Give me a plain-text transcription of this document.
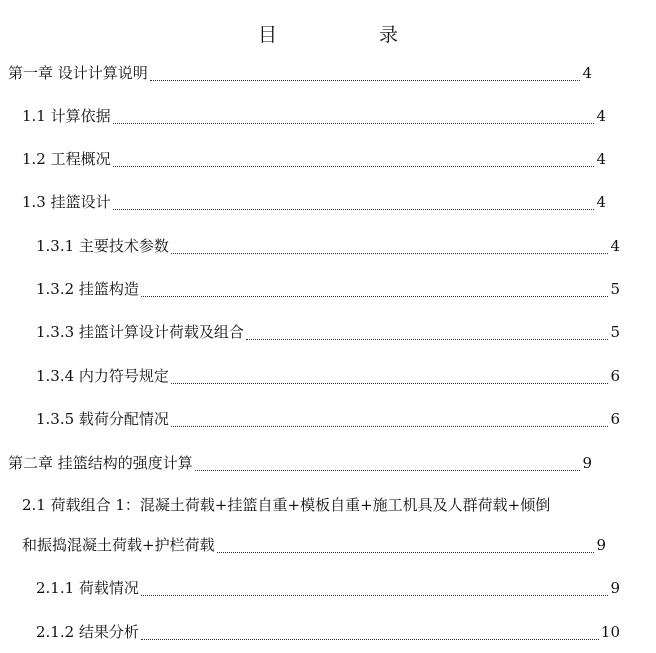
目 录
第一章 设计计算说明	4
1.1 计算依据	4
1.2 工程概况	4
1.3 挂篮设计	4
1.3.1 主要技术参数	4
1.3.2 挂篮构造	5
1.3.3 挂篮计算设计荷载及组合	5
1.3.4 内力符号规定	6
1.3.5 载荷分配情况	6
第二章 挂篮结构的强度计算	9
2.1 荷载组合 1：混凝土荷载+挂篮自重+模板自重+施工机具及人群荷载+倾倒
和振捣混凝土荷载+护栏荷载	9
2.1.1 荷载情况	9
2.1.2 结果分析	10
